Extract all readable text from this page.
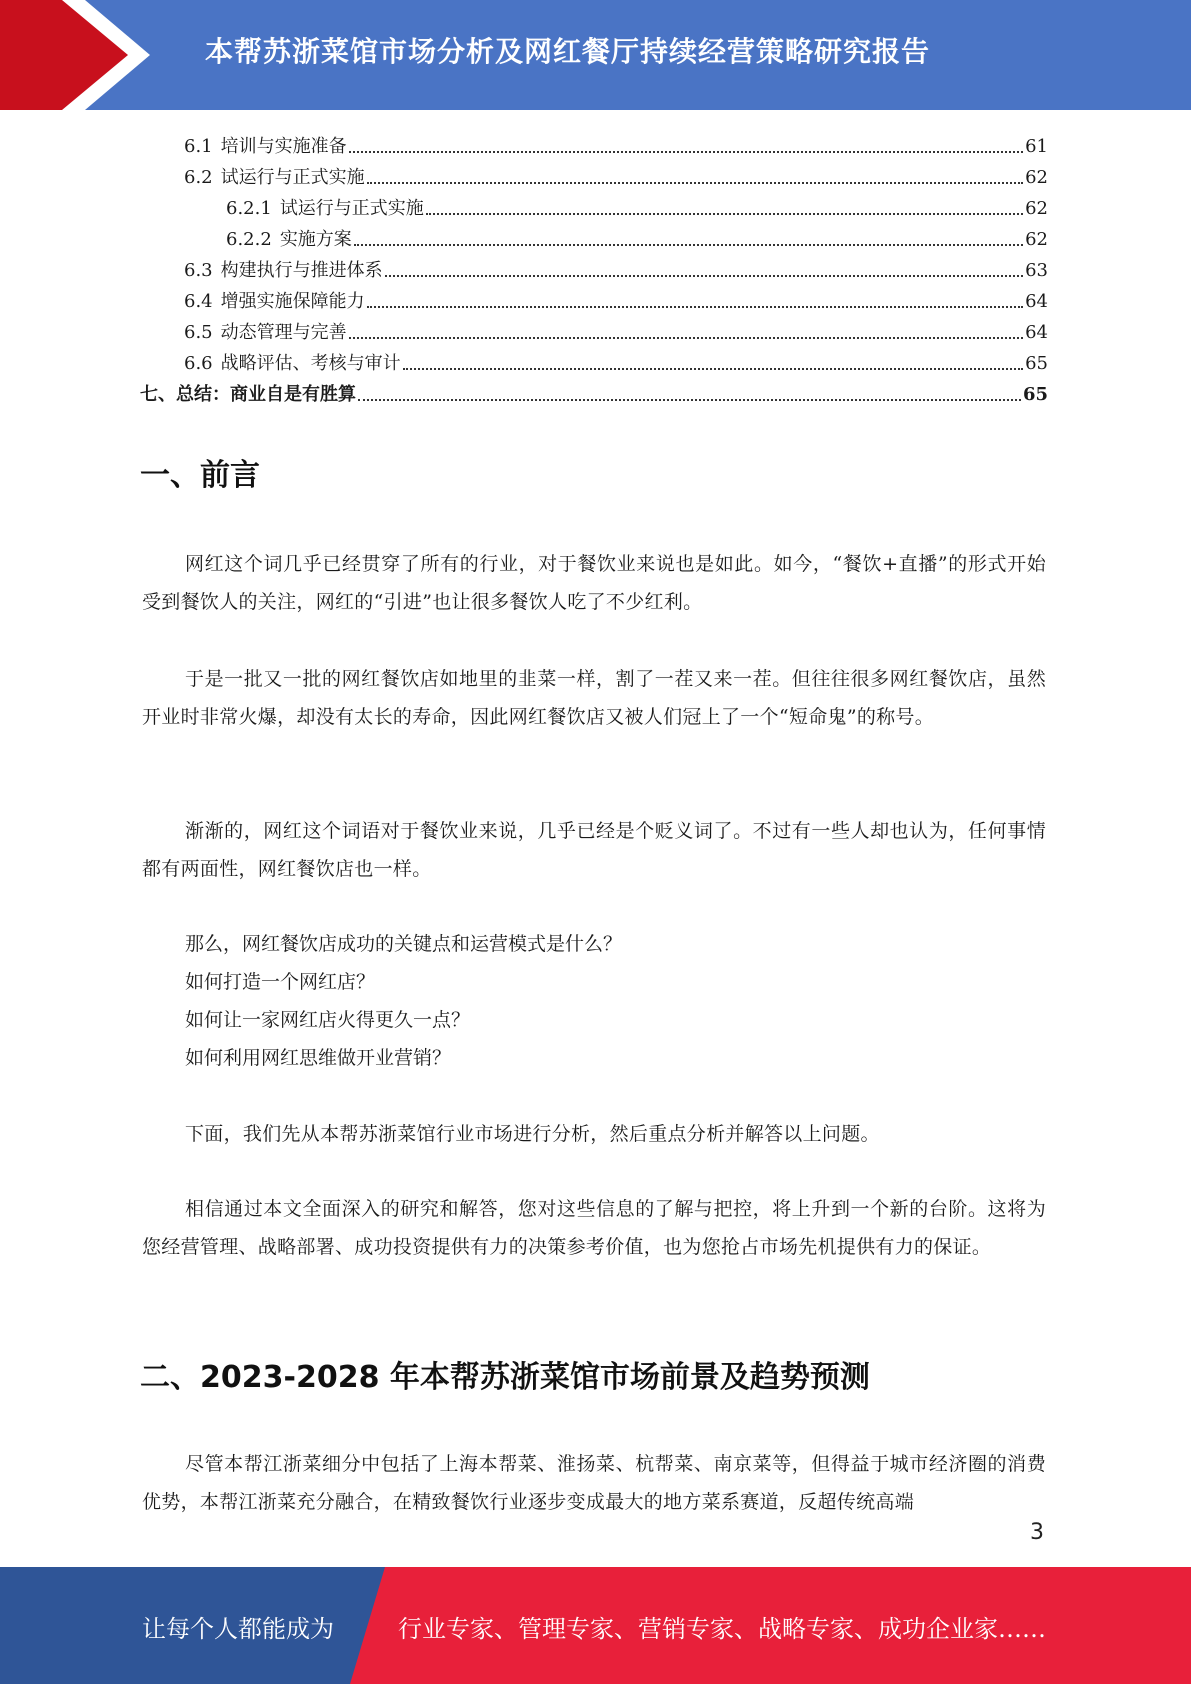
本帮苏浙菜馆市场分析及网红餐厅持续经营策略研究报告
6.1 培训与实施准备	61
6.2 试运行与正式实施	62
6.2.1 试运行与正式实施	62
6.2.2 实施方案	62
6.3 构建执行与推进体系	63
6.4 增强实施保障能力	64
6.5 动态管理与完善	64
6.6 战略评估、考核与审计	65
七、总结：商业自是有胜算	65
一、前言

网红这个词几乎已经贯穿了所有的行业，对于餐饮业来说也是如此。如今，“餐饮+直播”的形式开始受到餐饮人的关注，网红的“引进”也让很多餐饮人吃了不少红利。

于是一批又一批的网红餐饮店如地里的韭菜一样，割了一茬又来一茬。但往往很多网红餐饮店，虽然开业时非常火爆，却没有太长的寿命，因此网红餐饮店又被人们冠上了一个“短命鬼”的称号。

渐渐的，网红这个词语对于餐饮业来说，几乎已经是个贬义词了。不过有一些人却也认为，任何事情都有两面性，网红餐饮店也一样。

那么，网红餐饮店成功的关键点和运营模式是什么？
如何打造一个网红店？
如何让一家网红店火得更久一点？
如何利用网红思维做开业营销？

下面，我们先从本帮苏浙菜馆行业市场进行分析，然后重点分析并解答以上问题。

相信通过本文全面深入的研究和解答，您对这些信息的了解与把控，将上升到一个新的台阶。这将为您经营管理、战略部署、成功投资提供有力的决策参考价值，也为您抢占市场先机提供有力的保证。

二、2023-2028 年本帮苏浙菜馆市场前景及趋势预测

尽管本帮江浙菜细分中包括了上海本帮菜、淮扬菜、杭帮菜、南京菜等，但得益于城市经济圈的消费优势，本帮江浙菜充分融合，在精致餐饮行业逐步变成最大的地方菜系赛道，反超传统高端

3
让每个人都能成为	行业专家、管理专家、营销专家、战略专家、成功企业家……
